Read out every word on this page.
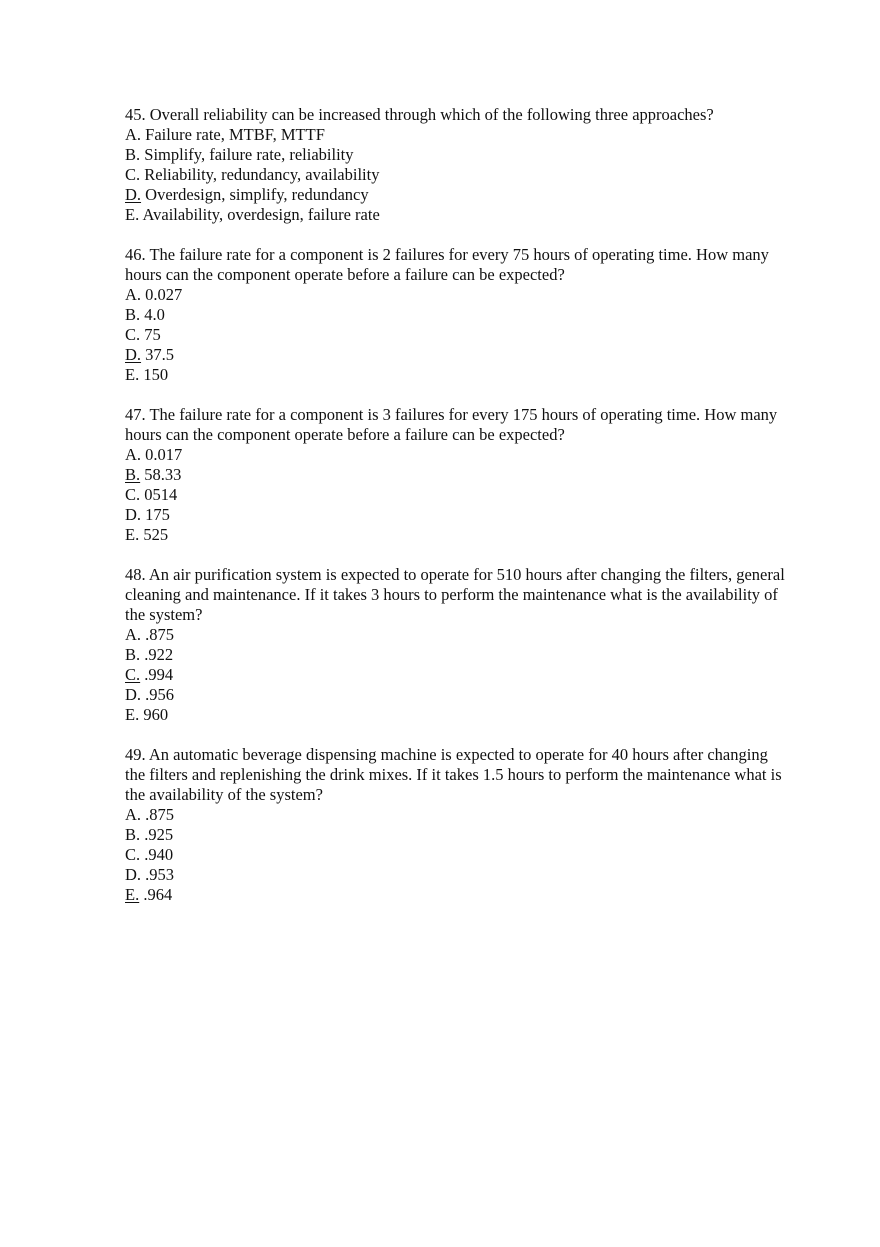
45. Overall reliability can be increased through which of the following three approaches?

A. Failure rate, MTBF, MTTF

B. Simplify, failure rate, reliability

C. Reliability, redundancy, availability

D. Overdesign, simplify, redundancy

E. Availability, overdesign, failure rate

46. The failure rate for a component is 2 failures for every 75 hours of operating time. How many hours can the component operate before a failure can be expected?

A. 0.027

B. 4.0

C. 75

D. 37.5

E. 150

47. The failure rate for a component is 3 failures for every 175 hours of operating time. How many hours can the component operate before a failure can be expected?

A. 0.017

B. 58.33

C. 0514

D. 175

E. 525

48. An air purification system is expected to operate for 510 hours after changing the filters, general cleaning and maintenance. If it takes 3 hours to perform the maintenance what is the availability of the system?

A. .875

B. .922

C. .994

D. .956

E. 960

49. An automatic beverage dispensing machine is expected to operate for 40 hours after changing the filters and replenishing the drink mixes. If it takes 1.5 hours to perform the maintenance what is the availability of the system?

A. .875

B. .925

C. .940

D. .953

E. .964
